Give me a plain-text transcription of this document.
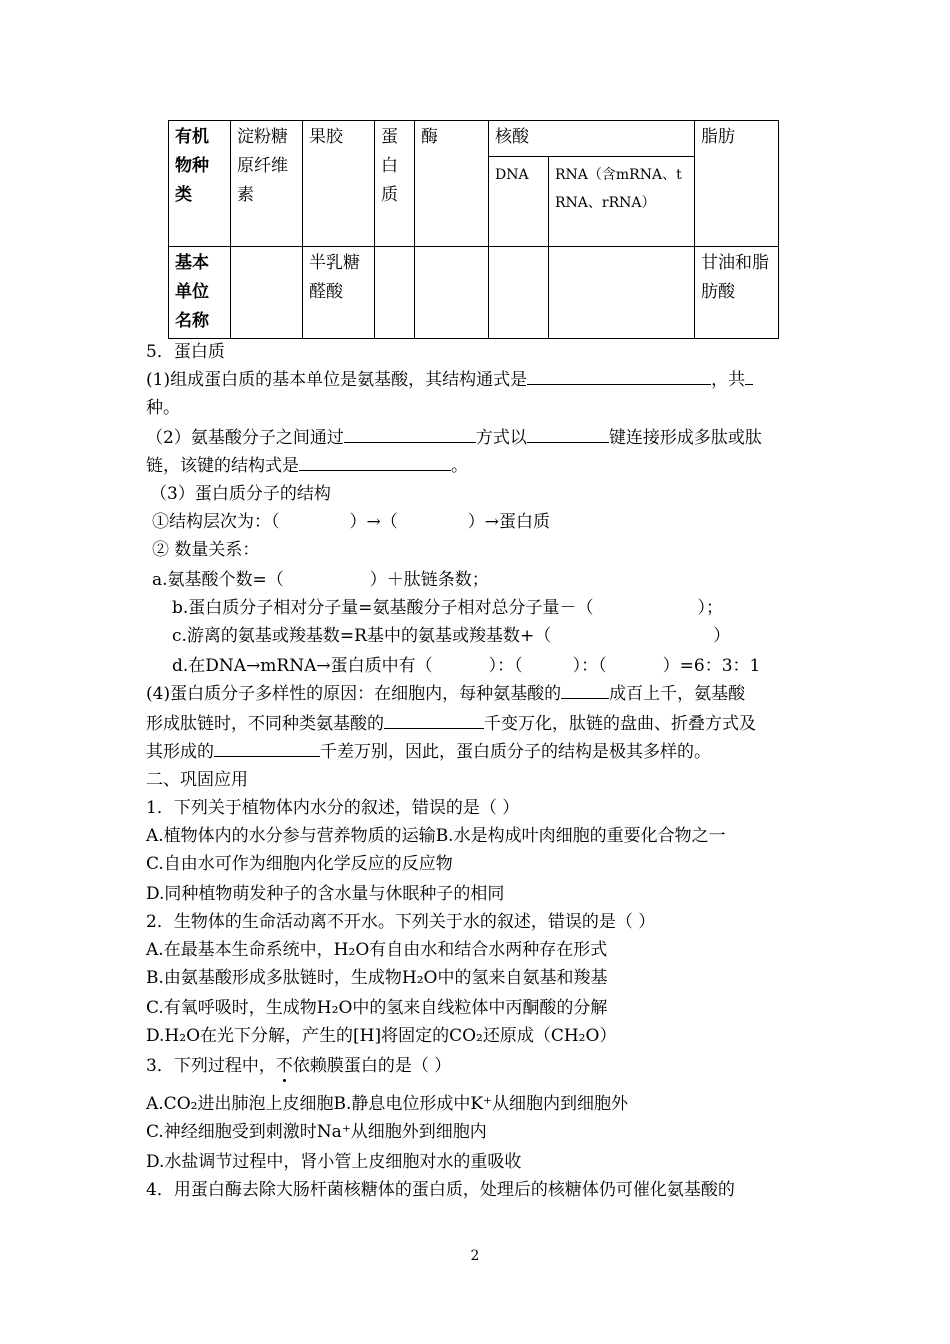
有机物种类	淀粉糖原纤维素	果胶	蛋白质	酶	核酸		脂肪
					DNA	RNA（含mRNA、tRNA、rRNA）	
基本单位名称		半乳糖醛酸					甘油和脂肪酸
5．蛋白质
(1)组成蛋白质的基本单位是氨基酸，其结构通式是	，共
种。
（2）氨基酸分子之间通过	方式以	键连接形成多肽或肽
链，该键的结构式是	。
（3）蛋白质分子的结构
①结构层次为：（	）→（	）→蛋白质
② 数量关系：
a.氨基酸个数=（	）＋肽链条数；
b.蛋白质分子相对分子量=氨基酸分子相对总分子量－（	）；
c.游离的氨基或羧基数=R基中的氨基或羧基数+（	）
d.在DNA→mRNA→蛋白质中有（	）：（	）：（	）=6：3：1
(4)蛋白质分子多样性的原因：在细胞内，每种氨基酸的	成百上千，氨基酸
形成肽链时，不同种类氨基酸的	千变万化，肽链的盘曲、折叠方式及
其形成的	千差万别，因此，蛋白质分子的结构是极其多样的。
二、巩固应用
1．下列关于植物体内水分的叙述，错误的是（ ）
A.植物体内的水分参与营养物质的运输B.水是构成叶肉细胞的重要化合物之一
C.自由水可作为细胞内化学反应的反应物
D.同种植物萌发种子的含水量与休眠种子的相同
2．生物体的生命活动离不开水。下列关于水的叙述，错误的是（ ）
A.在最基本生命系统中，H₂O有自由水和结合水两种存在形式
B.由氨基酸形成多肽链时，生成物H₂O中的氢来自氨基和羧基
C.有氧呼吸时，生成物H₂O中的氢来自线粒体中丙酮酸的分解
D.H₂O在光下分解，产生的[H]将固定的CO₂还原成（CH₂O）
3．下列过程中，不依赖膜蛋白的是（ ）
A.CO₂进出肺泡上皮细胞B.静息电位形成中K⁺从细胞内到细胞外
C.神经细胞受到刺激时Na⁺从细胞外到细胞内
D.水盐调节过程中，肾小管上皮细胞对水的重吸收
4．用蛋白酶去除大肠杆菌核糖体的蛋白质，处理后的核糖体仍可催化氨基酸的
2
